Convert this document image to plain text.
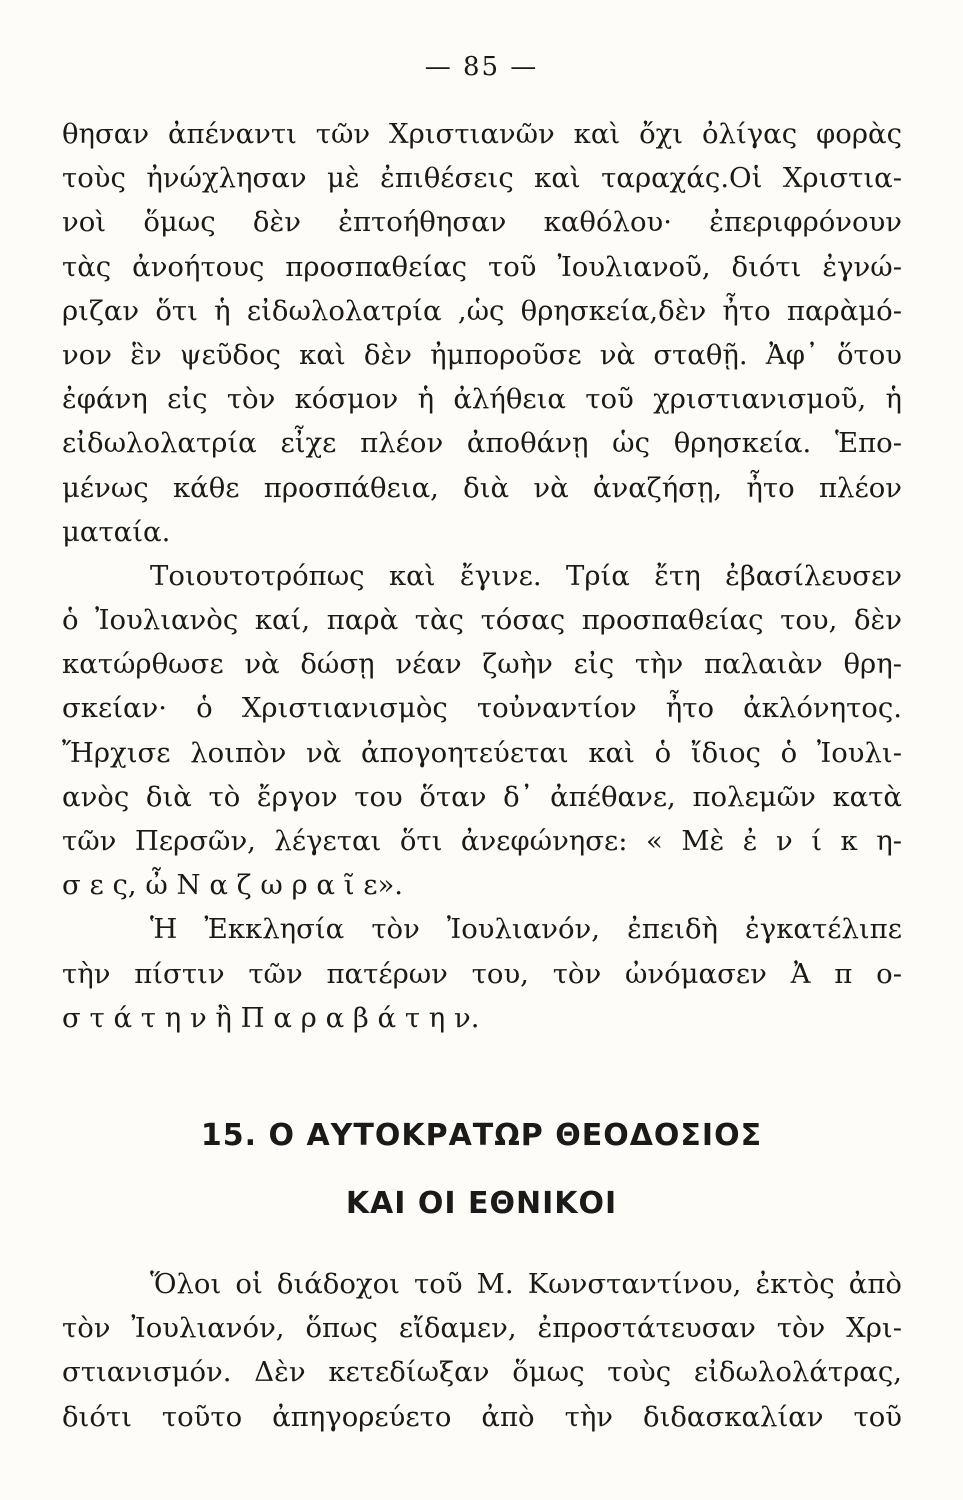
— 85 —
θησαν ἀπέναντι τῶν Χριστιανῶν καὶ ὄχι ὀλίγας φορὰς
τοὺς ἠνώχλησαν μὲ ἐπιθέσεις καὶ ταραχάς.Οἱ Χριστια-
νοὶ ὅμως δὲν ἐπτοήθησαν καθόλου· ἐπεριφρόνουν
τὰς ἀνοήτους προσπαθείας τοῦ Ἰουλιανοῦ, διότι ἐγνώ-
ριζαν ὅτι ἡ εἰδωλολατρία ,ὡς θρησκεία,δὲν ἦτο παρὰμό-
νον ἓν ψεῦδος καὶ δὲν ἠμποροῦσε νὰ σταθῇ. Ἀφ᾽ ὅτου
ἐφάνη εἰς τὸν κόσμον ἡ ἀλήθεια τοῦ χριστιανισμοῦ, ἡ
εἰδωλολατρία εἶχε πλέον ἀποθάνῃ ὡς θρησκεία. Ἑπο-
μένως κάθε προσπάθεια, διὰ νὰ ἀναζήσῃ, ἦτο πλέον
ματαία.
Τοιουτοτρόπως καὶ ἔγινε. Τρία ἔτη ἐβασίλευσεν
ὁ Ἰουλιανὸς καί, παρὰ τὰς τόσας προσπαθείας του, δὲν
κατώρθωσε νὰ δώσῃ νέαν ζωὴν εἰς τὴν παλαιὰν θρη-
σκείαν· ὁ Χριστιανισμὸς τοὐναντίον ἦτο ἀκλόνητος.
Ἤρχισε λοιπὸν νὰ ἀπογοητεύεται καὶ ὁ ἴδιος ὁ Ἰουλι-
ανὸς διὰ τὸ ἔργον του ὅταν δ᾽ ἀπέθανε, πολεμῶν κατὰ
τῶν Περσῶν, λέγεται ὅτι ἀνεφώνησε: « Μὲ ἐ ν ί κ η-
σ ε ς, ὦ Ν α ζ ω ρ α ῖ ε».
Ἡ Ἐκκλησία τὸν Ἰουλιανόν, ἐπειδὴ ἐγκατέλιπε
τὴν πίστιν τῶν πατέρων του, τὸν ὠνόμασεν Ἀ π ο-
σ τ ά τ η ν ἢ Π α ρ α β ά τ η ν.
15. Ο ΑΥΤΟΚΡΑΤΩΡ ΘΕΟΔΟΣΙΟΣ
ΚΑΙ ΟΙ ΕΘΝΙΚΟΙ
Ὅλοι οἱ διάδοχοι τοῦ Μ. Κωνσταντίνου, ἐκτὸς ἀπὸ
τὸν Ἰουλιανόν, ὅπως εἴδαμεν, ἐπροστάτευσαν τὸν Χρι-
στιανισμόν. Δὲν κετεδίωξαν ὅμως τοὺς εἰδωλολάτρας,
διότι τοῦτο ἀπηγορεύετο ἀπὸ τὴν διδασκαλίαν τοῦ
